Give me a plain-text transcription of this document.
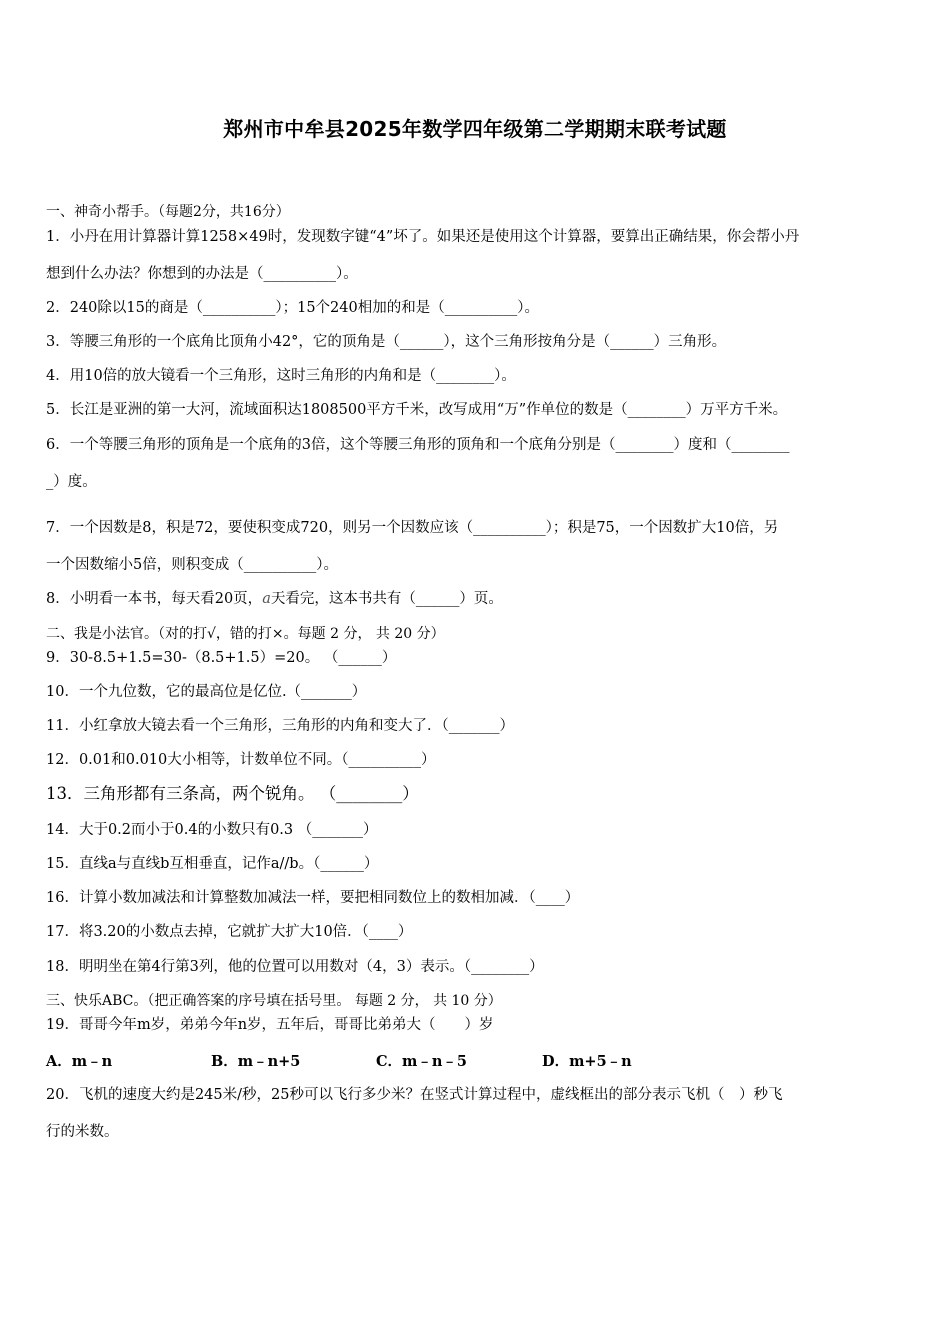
郑州市中牟县2025年数学四年级第二学期期末联考试题
一、神奇小帮手。（每题2分，共16分）
1．小丹在用计算器计算1258×49时，发现数字键“4”坏了。如果还是使用这个计算器，要算出正确结果，你会帮小丹
想到什么办法？你想到的办法是（__________）。
2．240除以15的商是（__________）；15个240相加的和是（__________）。
3．等腰三角形的一个底角比顶角小42°，它的顶角是（______），这个三角形按角分是（______）三角形。
4．用10倍的放大镜看一个三角形，这时三角形的内角和是（________）。
5．长江是亚洲的第一大河，流域面积达1808500平方千米，改写成用“万”作单位的数是（________）万平方千米。
6．一个等腰三角形的顶角是一个底角的3倍，这个等腰三角形的顶角和一个底角分别是（________）度和（________
_）度。
7．一个因数是8，积是72，要使积变成720，则另一个因数应该（__________）；积是75，一个因数扩大10倍，另
一个因数缩小5倍，则积变成（__________）。
8．小明看一本书，每天看20页，a天看完，这本书共有（______）页。
二、我是小法官。（对的打√，错的打×。每题 2 分， 共 20 分）
9．30-8.5+1.5=30-（8.5+1.5）=20。 （______）
10．一个九位数，它的最高位是亿位.（_______）
11．小红拿放大镜去看一个三角形，三角形的内角和变大了．（_______）
12．0.01和0.010大小相等，计数单位不同。（__________）
13．三角形都有三条高，两个锐角。 （________）
14．大于0.2而小于0.4的小数只有0.3 （_______）
15．直线a与直线b互相垂直，记作a//b。（______）
16．计算小数加减法和计算整数加减法一样，要把相同数位上的数相加减．（____）
17．将3.20的小数点去掉，它就扩大扩大10倍．（____）
18．明明坐在第4行第3列，他的位置可以用数对（4，3）表示。（________）
三、快乐ABC。（把正确答案的序号填在括号里。 每题 2 分， 共 10 分）
19．哥哥今年m岁，弟弟今年n岁，五年后，哥哥比弟弟大（　　）岁
A．m﹣n	B．m﹣n+5	C．m﹣n﹣5	D．m+5﹣n
20．飞机的速度大约是245米/秒，25秒可以飞行多少米？在竖式计算过程中，虚线框出的部分表示飞机（　）秒飞
行的米数。
